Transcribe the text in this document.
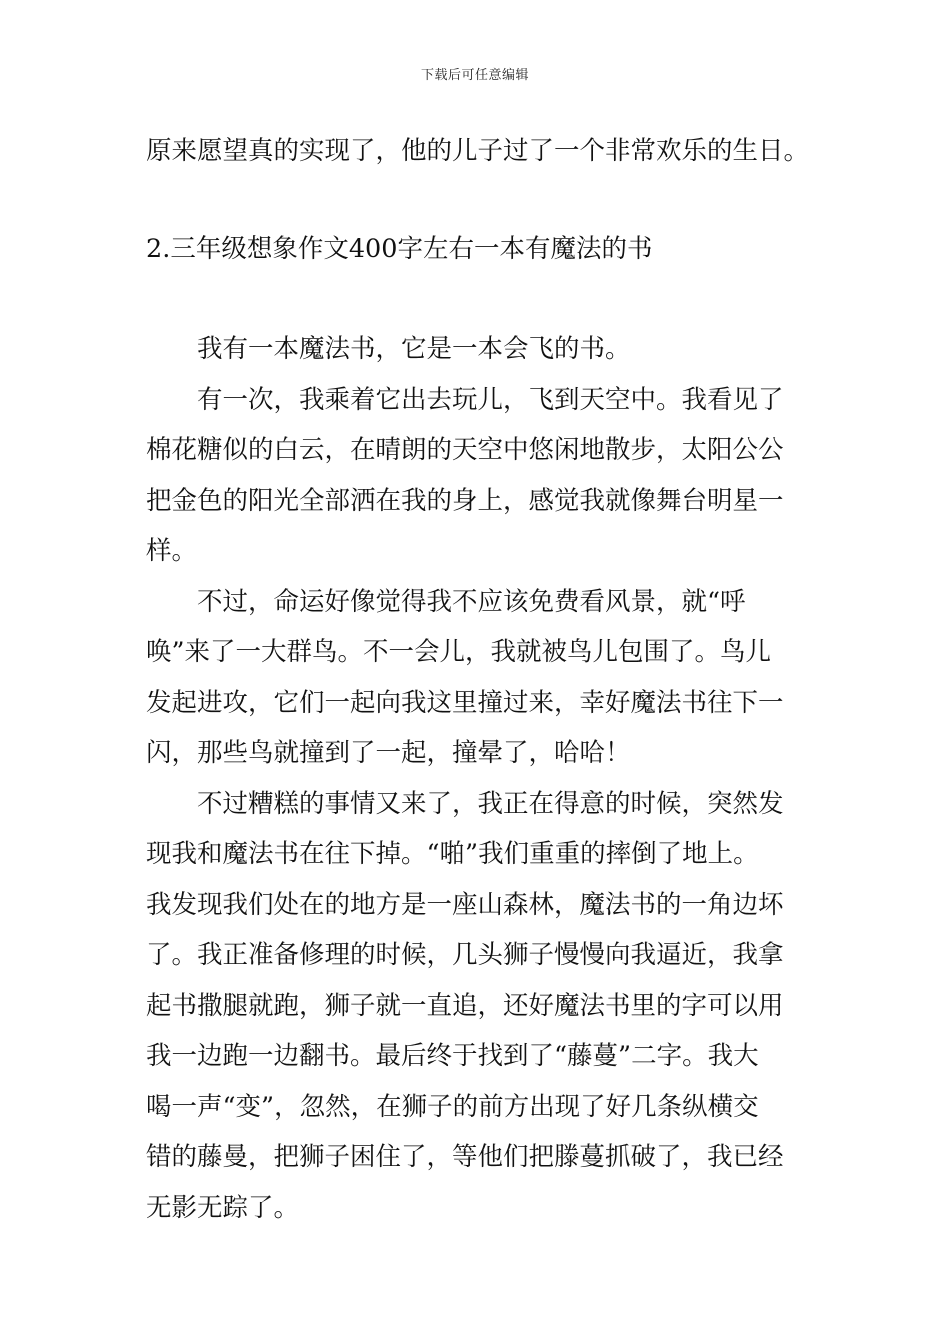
下载后可任意编辑

原来愿望真的实现了，他的儿子过了一个非常欢乐的生日。

2.三年级想象作文400字左右一本有魔法的书

我有一本魔法书，它是一本会飞的书。

有一次，我乘着它出去玩儿，飞到天空中。我看见了

棉花糖似的白云，在晴朗的天空中悠闲地散步，太阳公公

把金色的阳光全部洒在我的身上，感觉我就像舞台明星一

样。

不过，命运好像觉得我不应该免费看风景，就“呼

唤”来了一大群鸟。不一会儿，我就被鸟儿包围了。鸟儿

发起进攻，它们一起向我这里撞过来，幸好魔法书往下一

闪，那些鸟就撞到了一起，撞晕了，哈哈！

不过糟糕的事情又来了，我正在得意的时候，突然发

现我和魔法书在往下掉。“啪”我们重重的摔倒了地上。

我发现我们处在的地方是一座山森林，魔法书的一角边坏

了。我正准备修理的时候，几头狮子慢慢向我逼近，我拿

起书撒腿就跑，狮子就一直追，还好魔法书里的字可以用

我一边跑一边翻书。最后终于找到了“藤蔓”二字。我大

喝一声“变”，忽然，在狮子的前方出现了好几条纵横交

错的藤曼，把狮子困住了，等他们把滕蔓抓破了，我已经

无影无踪了。
